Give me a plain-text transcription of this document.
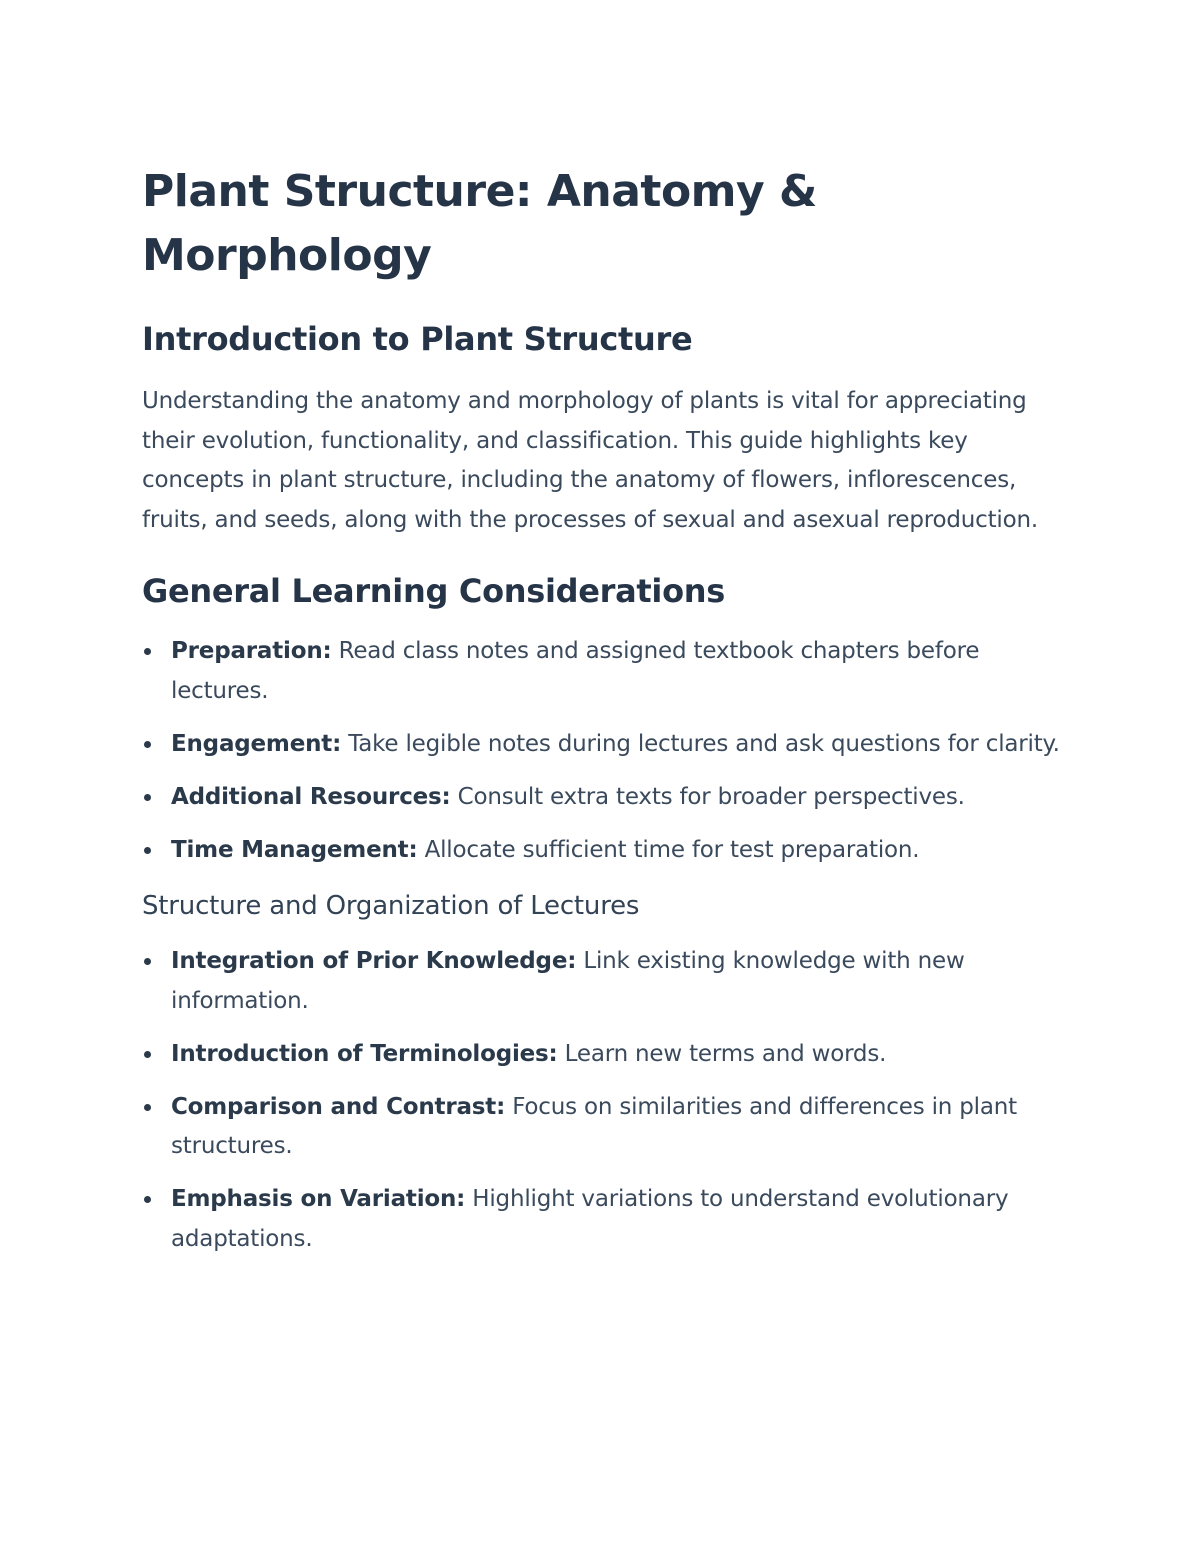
Plant Structure: Anatomy & Morphology
Introduction to Plant Structure

Understanding the anatomy and morphology of plants is vital for appreciating their evolution, functionality, and classification. This guide highlights key concepts in plant structure, including the anatomy of flowers, inflorescences, fruits, and seeds, along with the processes of sexual and asexual reproduction.

General Learning Considerations
Preparation: Read class notes and assigned textbook chapters before lectures.
Engagement: Take legible notes during lectures and ask questions for clarity.
Additional Resources: Consult extra texts for broader perspectives.
Time Management: Allocate sufficient time for test preparation.
Structure and Organization of Lectures
Integration of Prior Knowledge: Link existing knowledge with new information.
Introduction of Terminologies: Learn new terms and words.
Comparison and Contrast: Focus on similarities and differences in plant structures.
Emphasis on Variation: Highlight variations to understand evolutionary adaptations.
